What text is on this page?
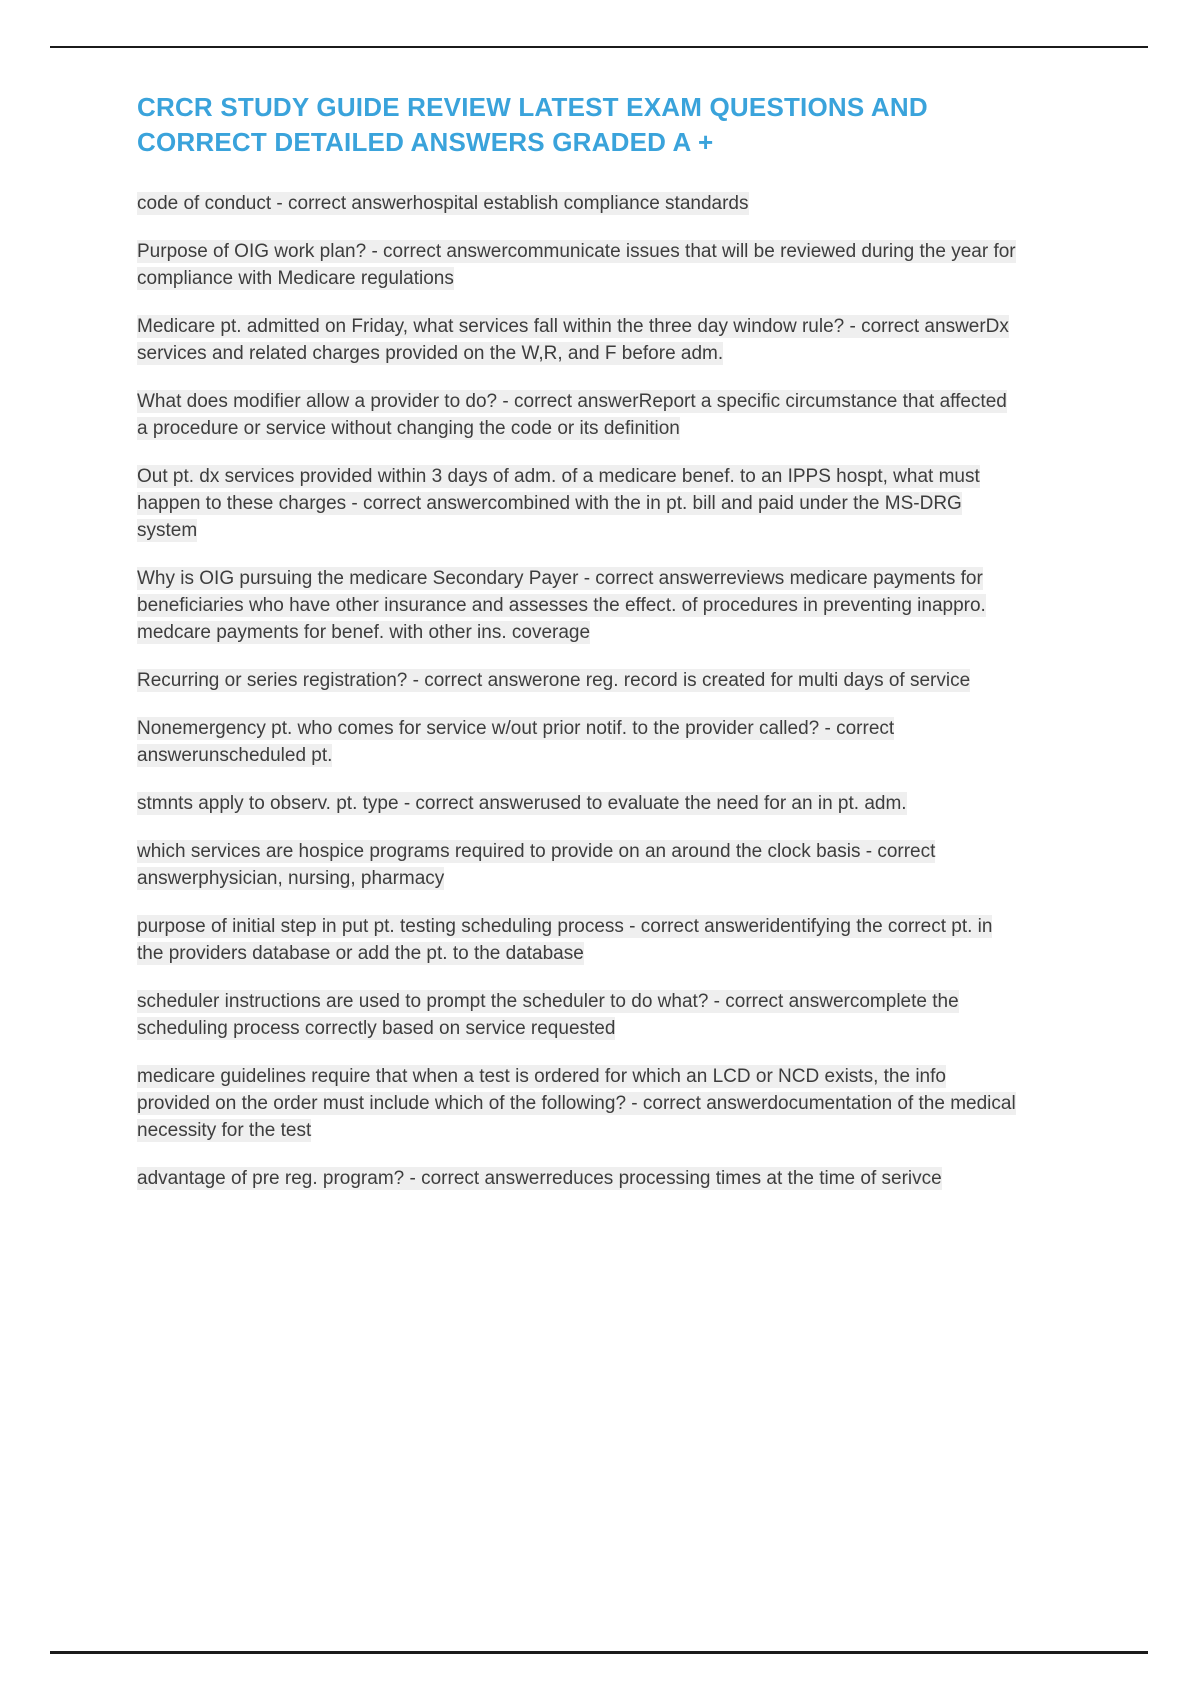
CRCR STUDY GUIDE REVIEW LATEST EXAM QUESTIONS AND CORRECT DETAILED ANSWERS GRADED A +

code of conduct - correct answerhospital establish compliance standards

Purpose of OIG work plan? - correct answercommunicate issues that will be reviewed during the year for compliance with Medicare regulations

Medicare pt. admitted on Friday, what services fall within the three day window rule? - correct answerDx services and related charges provided on the W,R, and F before adm.

What does modifier allow a provider to do? - correct answerReport a specific circumstance that affected a procedure or service without changing the code or its definition

Out pt. dx services provided within 3 days of adm. of a medicare benef. to an IPPS hospt, what must happen to these charges - correct answercombined with the in pt. bill and paid under the MS-DRG system

Why is OIG pursuing the medicare Secondary Payer - correct answerreviews medicare payments for beneficiaries who have other insurance and assesses the effect. of procedures in preventing inappro. medcare payments for benef. with other ins. coverage

Recurring or series registration? - correct answerone reg. record is created for multi days of service

Nonemergency pt. who comes for service w/out prior notif. to the provider called? - correct answerunscheduled pt.

stmnts apply to observ. pt. type - correct answerused to evaluate the need for an in pt. adm.

which services are hospice programs required to provide on an around the clock basis - correct answerphysician, nursing, pharmacy

purpose of initial step in put pt. testing scheduling process - correct answeridentifying the correct pt. in the providers database or add the pt. to the database

scheduler instructions are used to prompt the scheduler to do what? - correct answercomplete the scheduling process correctly based on service requested

medicare guidelines require that when a test is ordered for which an LCD or NCD exists, the info provided on the order must include which of the following? - correct answerdocumentation of the medical necessity for the test

advantage of pre reg. program? - correct answerreduces processing times at the time of serivce
